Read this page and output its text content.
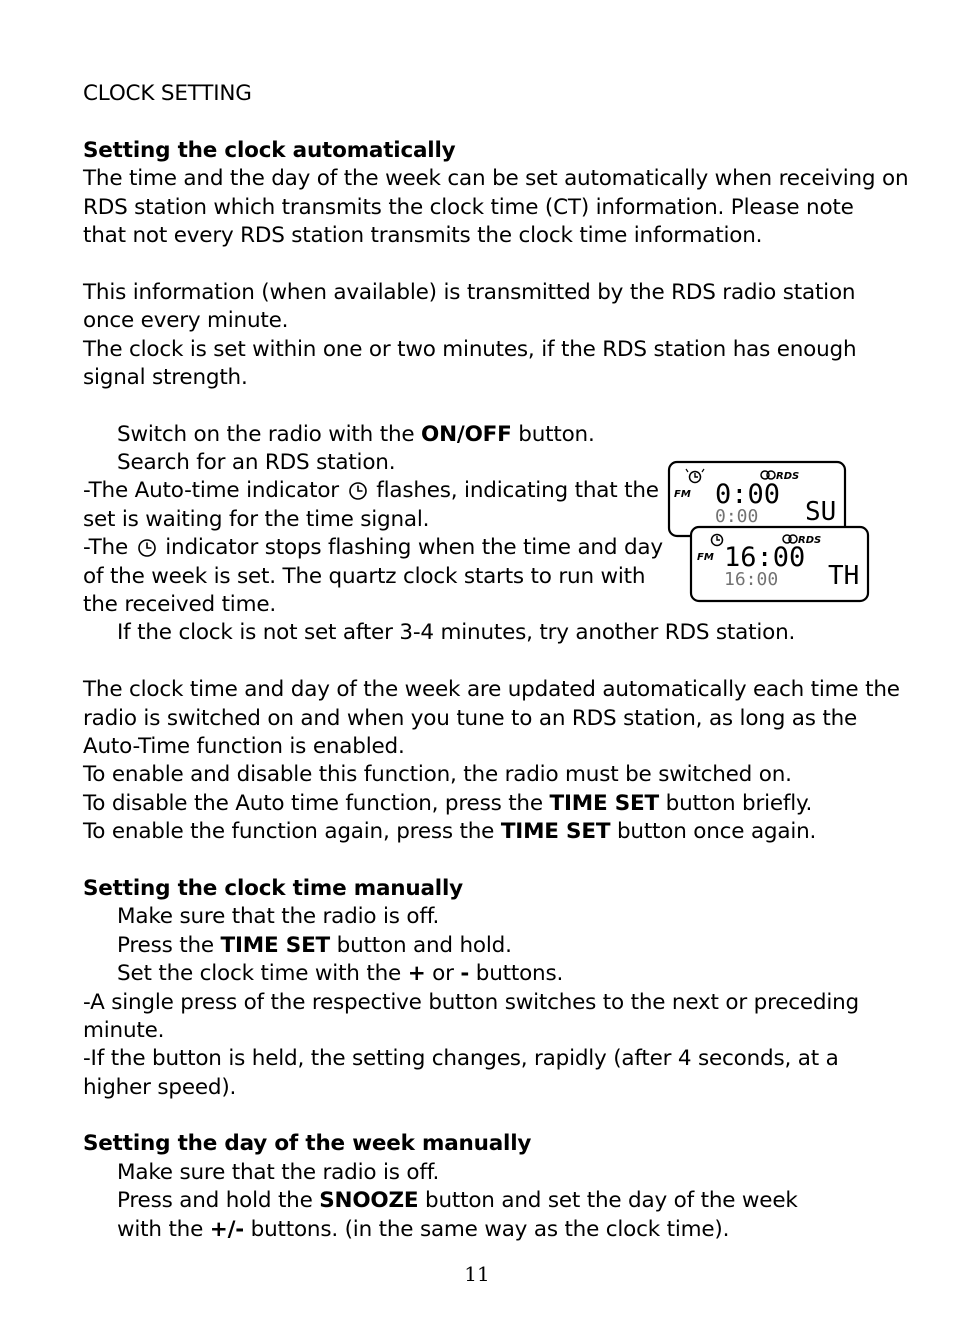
CLOCK SETTING
Setting the clock automatically
The time and the day of the week can be set automatically when receiving on
RDS station which transmits the clock time (CT) information. Please note
that not every RDS station transmits the clock time information.
This information (when available) is transmitted by the RDS radio station
once every minute.
The clock is set within one or two minutes, if the RDS station has enough
signal strength.
Switch on the radio with the ON/OFF button.
Search for an RDS station.
-The Auto-time indicator flashes, indicating that the
set is waiting for the time signal.
-The indicator stops flashing when the time and day
of the week is set. The quartz clock starts to run with
the received time.
If the clock is not set after 3-4 minutes, try another RDS station.
The clock time and day of the week are updated automatically each time the
radio is switched on and when you tune to an RDS station, as long as the
Auto-Time function is enabled.
To enable and disable this function, the radio must be switched on.
To disable the Auto time function, press the TIME SET button briefly.
To enable the function again, press the TIME SET button once again.
Setting the clock time manually
Make sure that the radio is off.
Press the TIME SET button and hold.
Set the clock time with the + or - buttons.
-A single press of the respective button switches to the next or preceding
minute.
-If the button is held, the setting changes, rapidly (after 4 seconds, at a
higher speed).
Setting the day of the week manually
Make sure that the radio is off.
Press and hold the SNOOZE button and set the day of the week
with the +/- buttons. (in the same way as the clock time).
FM
RDS
0:00
0:00 SU
FM
RDS
16:00
16:00 TH
11
